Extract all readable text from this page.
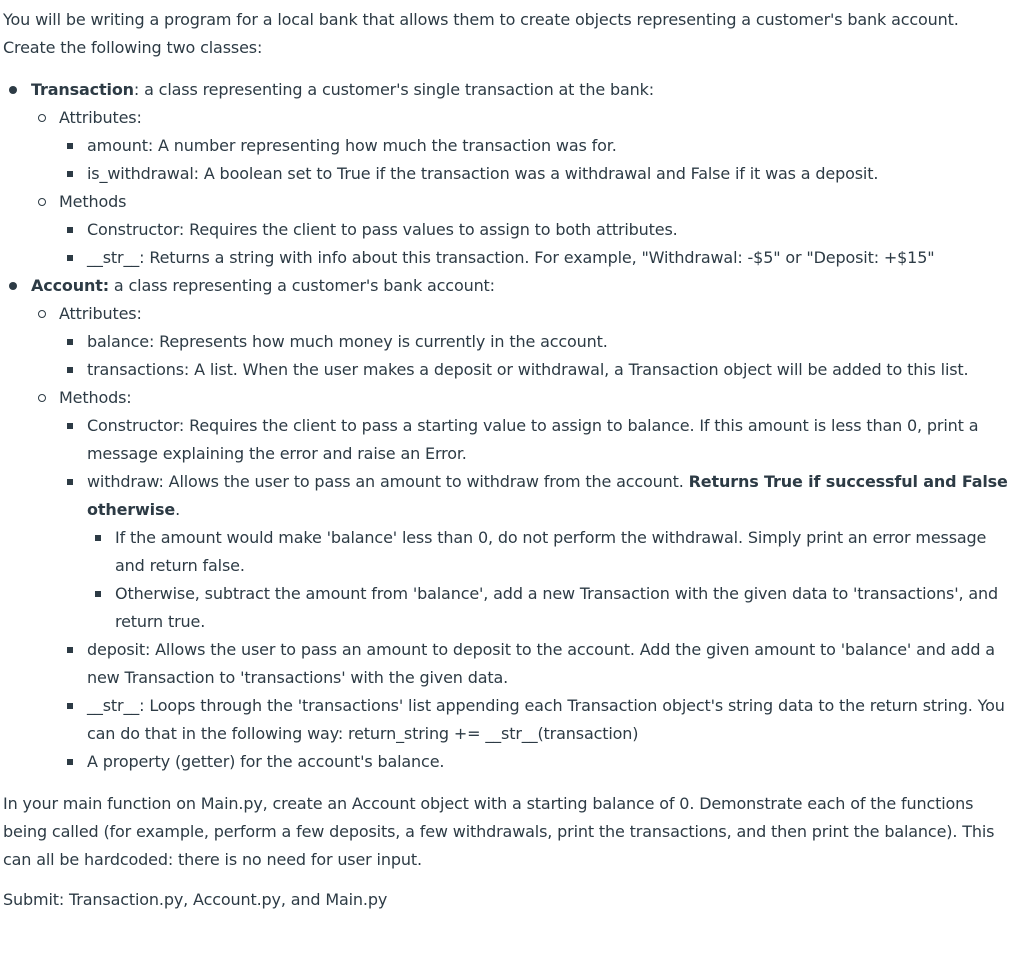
You will be writing a program for a local bank that allows them to create objects representing a customer's bank account. Create the following two classes:

Transaction: a class representing a customer's single transaction at the bank:
Attributes:
amount: A number representing how much the transaction was for.
is_withdrawal: A boolean set to True if the transaction was a withdrawal and False if it was a deposit.
Methods
Constructor: Requires the client to pass values to assign to both attributes.
__str__: Returns a string with info about this transaction. For example, "Withdrawal: -$5" or "Deposit: +$15"
Account: a class representing a customer's bank account:
Attributes:
balance: Represents how much money is currently in the account.
transactions: A list. When the user makes a deposit or withdrawal, a Transaction object will be added to this list.
Methods:
Constructor: Requires the client to pass a starting value to assign to balance. If this amount is less than 0, print a message explaining the error and raise an Error.
withdraw: Allows the user to pass an amount to withdraw from the account. Returns True if successful and False otherwise.
If the amount would make 'balance' less than 0, do not perform the withdrawal. Simply print an error message and return false.
Otherwise, subtract the amount from 'balance', add a new Transaction with the given data to 'transactions', and return true.
deposit: Allows the user to pass an amount to deposit to the account. Add the given amount to 'balance' and add a new Transaction to 'transactions' with the given data.
__str__: Loops through the 'transactions' list appending each Transaction object's string data to the return string. You can do that in the following way: return_string += __str__(transaction)
A property (getter) for the account's balance.

In your main function on Main.py, create an Account object with a starting balance of 0. Demonstrate each of the functions being called (for example, perform a few deposits, a few withdrawals, print the transactions, and then print the balance). This can all be hardcoded: there is no need for user input.

Submit: Transaction.py, Account.py, and Main.py
